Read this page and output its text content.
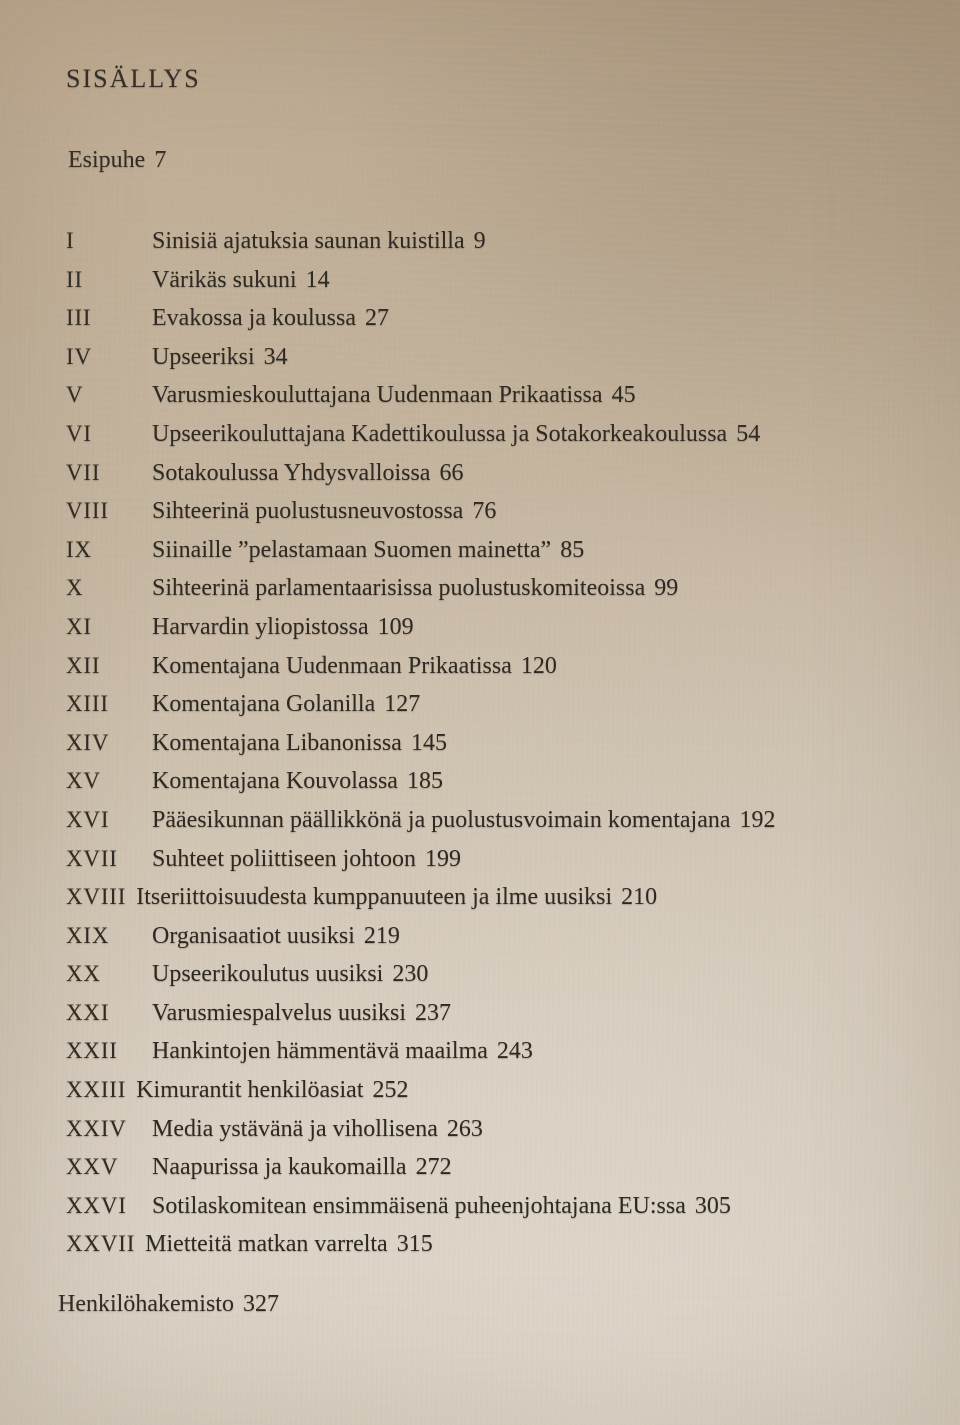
sisällys
Esipuhe 7
I	Sinisiä ajatuksia saunan kuistilla 9
II	Värikäs sukuni 14
III	Evakossa ja koulussa 27
IV	Upseeriksi 34
V	Varusmieskouluttajana Uudenmaan Prikaatissa 45
VI	Upseerikouluttajana Kadettikoulussa ja Sotakorkeakoulussa 54
VII	Sotakoulussa Yhdysvalloissa 66
VIII	Sihteerinä puolustusneuvostossa 76
IX	Siinaille ”pelastamaan Suomen mainetta” 85
X	Sihteerinä parlamentaarisissa puolustuskomiteoissa 99
XI	Harvardin yliopistossa 109
XII	Komentajana Uudenmaan Prikaatissa 120
XIII	Komentajana Golanilla 127
XIV	Komentajana Libanonissa 145
XV	Komentajana Kouvolassa 185
XVI	Pääesikunnan päällikkönä ja puolustusvoimain komentajana 192
XVII	Suhteet poliittiseen johtoon 199
XVIII Itseriittoisuudesta kumppanuuteen ja ilme uusiksi 210
XIX	Organisaatiot uusiksi 219
XX	Upseerikoulutus uusiksi 230
XXI	Varusmiespalvelus uusiksi 237
XXII	Hankintojen hämmentävä maailma 243
XXIII Kimurantit henkilöasiat 252
XXIV	Media ystävänä ja vihollisena 263
XXV	Naapurissa ja kaukomailla 272
XXVI	Sotilaskomitean ensimmäisenä puheenjohtajana EU:ssa 305
XXVII Mietteitä matkan varrelta 315
Henkilöhakemisto 327
